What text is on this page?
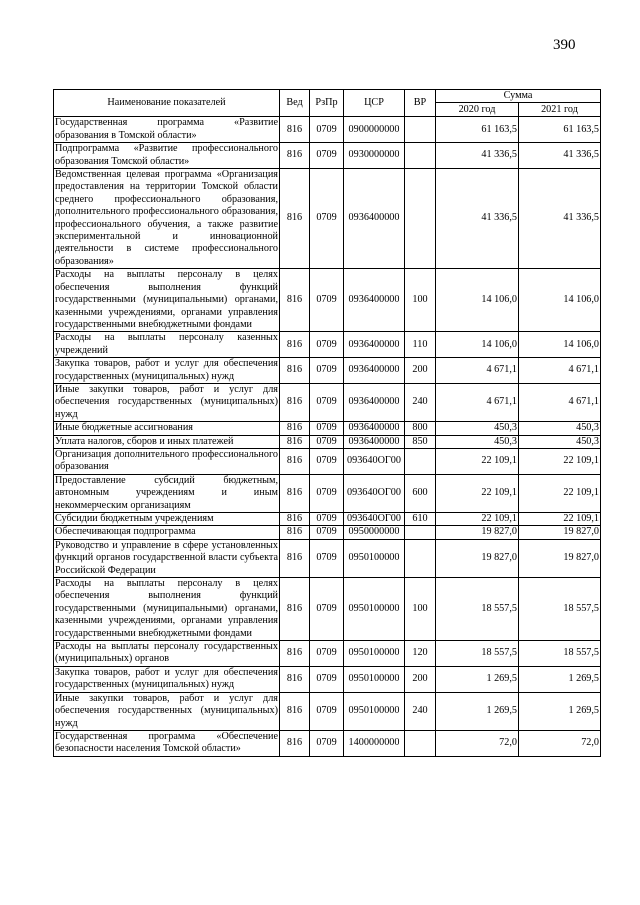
390
Наименование показателей	Вед	РзПр	ЦСР	ВР	Сумма	
					2020 год	2021 год
Государственная программа «Развитие образования в Томской области»	816	0709	0900000000		61 163,5	61 163,5
Подпрограмма «Развитие профессионального образования Томской области»	816	0709	0930000000		41 336,5	41 336,5
Ведомственная целевая программа «Организация предоставления на территории Томской области среднего профессионального образования, дополнительного профессионального образования, профессионального обучения, а также развитие экспериментальной и инновационной деятельности в системе профессионального образования»	816	0709	0936400000		41 336,5	41 336,5
Расходы на выплаты персоналу в целях обеспечения выполнения функций государственными (муниципальными) органами, казенными учреждениями, органами управления государственными внебюджетными фондами	816	0709	0936400000	100	14 106,0	14 106,0
Расходы на выплаты персоналу казенных учреждений	816	0709	0936400000	110	14 106,0	14 106,0
Закупка товаров, работ и услуг для обеспечения государственных (муниципальных) нужд	816	0709	0936400000	200	4 671,1	4 671,1
Иные закупки товаров, работ и услуг для обеспечения государственных (муниципальных) нужд	816	0709	0936400000	240	4 671,1	4 671,1
Иные бюджетные ассигнования	816	0709	0936400000	800	450,3	450,3
Уплата налогов, сборов и иных платежей	816	0709	0936400000	850	450,3	450,3
Организация дополнительного профессионального образования	816	0709	093640ОГ00		22 109,1	22 109,1
Предоставление субсидий бюджетным, автономным учреждениям и иным некоммерческим организациям	816	0709	093640ОГ00	600	22 109,1	22 109,1
Субсидии бюджетным учреждениям	816	0709	093640ОГ00	610	22 109,1	22 109,1
Обеспечивающая подпрограмма	816	0709	0950000000		19 827,0	19 827,0
Руководство и управление в сфере установленных функций органов государственной власти субъекта Российской Федерации	816	0709	0950100000		19 827,0	19 827,0
Расходы на выплаты персоналу в целях обеспечения выполнения функций государственными (муниципальными) органами, казенными учреждениями, органами управления государственными внебюджетными фондами	816	0709	0950100000	100	18 557,5	18 557,5
Расходы на выплаты персоналу государственных (муниципальных) органов	816	0709	0950100000	120	18 557,5	18 557,5
Закупка товаров, работ и услуг для обеспечения государственных (муниципальных) нужд	816	0709	0950100000	200	1 269,5	1 269,5
Иные закупки товаров, работ и услуг для обеспечения государственных (муниципальных) нужд	816	0709	0950100000	240	1 269,5	1 269,5
Государственная программа «Обеспечение безопасности населения Томской области»	816	0709	1400000000		72,0	72,0
